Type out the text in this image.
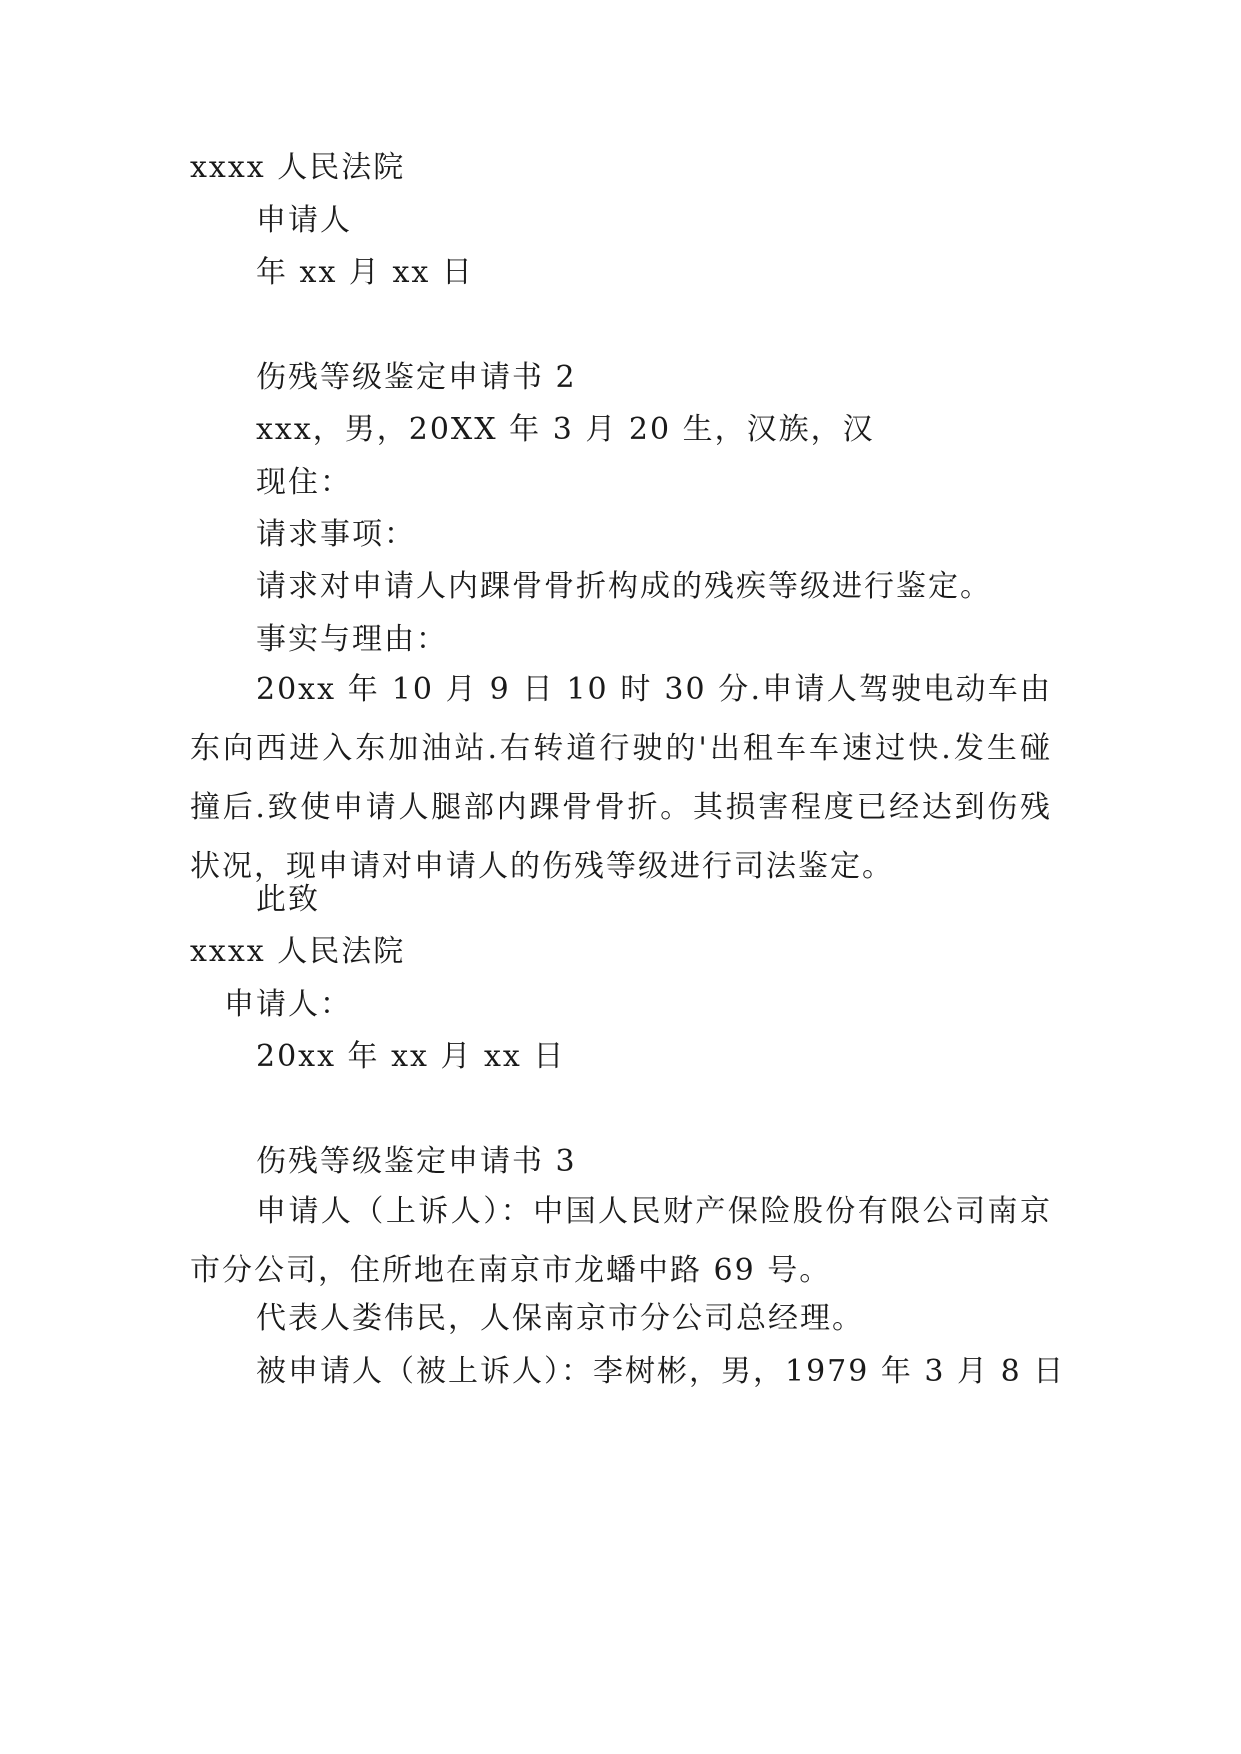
xxxx 人民法院
申请人
年 xx 月 xx 日
伤残等级鉴定申请书 2
xxx，男，20XX 年 3 月 20 生，汉族，汉
现住：
请求事项：
请求对申请人内踝骨骨折构成的残疾等级进行鉴定。
事实与理由：
20xx 年 10 月 9 日 10 时 30 分.申请人驾驶电动车由东向西进入东加油站.右转道行驶的'出租车车速过快.发生碰撞后.致使申请人腿部内踝骨骨折。其损害程度已经达到伤残状况，现申请对申请人的伤残等级进行司法鉴定。
此致
xxxx 人民法院
申请人：
20xx 年 xx 月 xx 日
伤残等级鉴定申请书 3
申请人（上诉人）：中国人民财产保险股份有限公司南京市分公司，住所地在南京市龙蟠中路 69 号。
代表人娄伟民，人保南京市分公司总经理。
被申请人（被上诉人）：李树彬，男，1979 年 3 月 8 日
